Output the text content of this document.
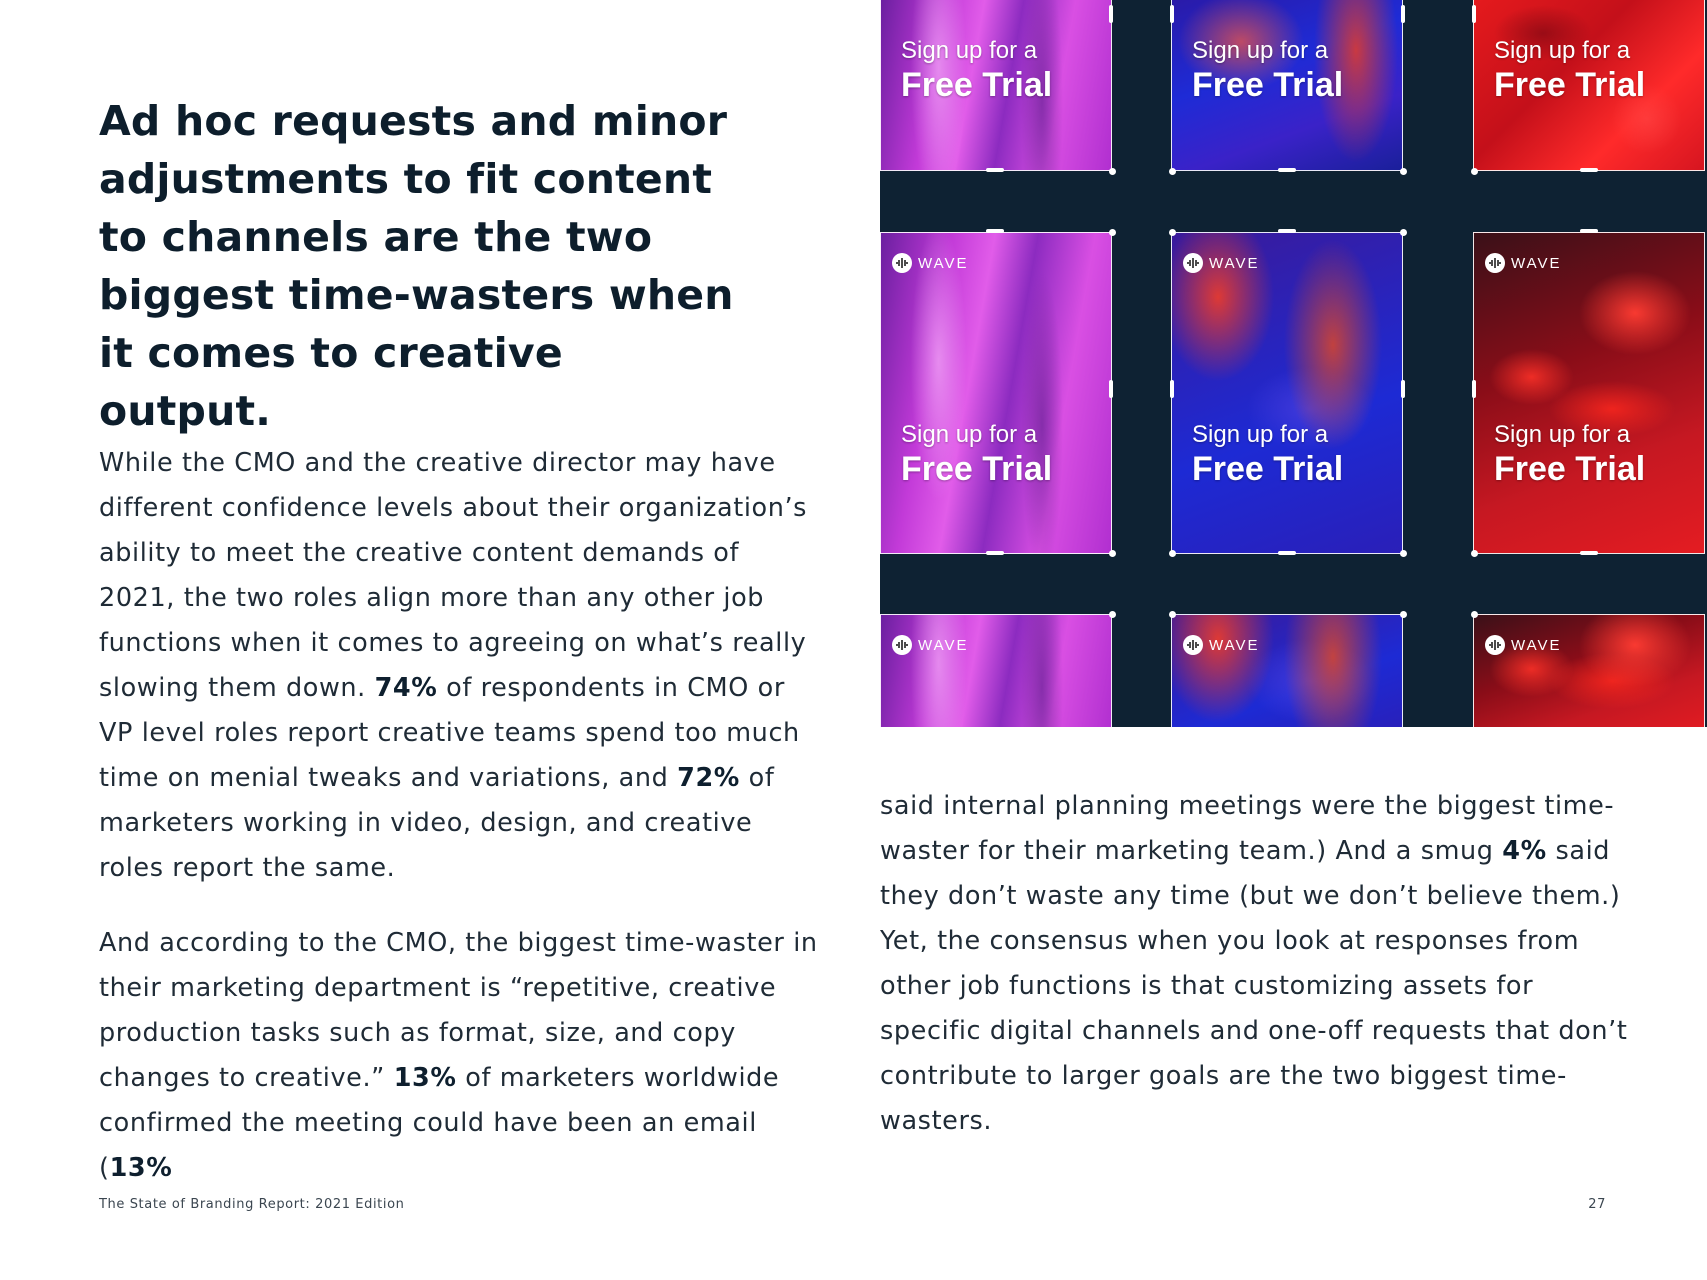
Ad hoc requests and minor adjustments to fit content to channels are the two biggest time-wasters when it comes to creative output.

While the CMO and the creative director may have different confidence levels about their organization’s ability to meet the creative content demands of 2021, the two roles align more than any other job functions when it comes to agreeing on what’s really slowing them down. 74% of respondents in CMO or VP level roles report creative teams spend too much time on menial tweaks and variations, and 72% of marketers working in video, design, and creative roles report the same.

And according to the CMO, the biggest time-waster in their marketing department is “repetitive, creative production tasks such as format, size, and copy changes to creative.” 13% of marketers worldwide confirmed the meeting could have been an email (13%

said internal planning meetings were the biggest time-waster for their marketing team.) And a smug 4% said they don’t waste any time (but we don’t believe them.) Yet, the consensus when you look at responses from other job functions is that customizing assets for specific digital channels and one-off requests that don’t contribute to larger goals are the two biggest time-wasters.

Sign up for a
Free Trial
Sign up for a
Free Trial
Sign up for a
Free Trial
WAVE
Sign up for a
Free Trial
WAVE
Sign up for a
Free Trial
WAVE
Sign up for a
Free Trial
WAVE	WAVE	WAVE
The State of Branding Report: 2021 Edition	27
